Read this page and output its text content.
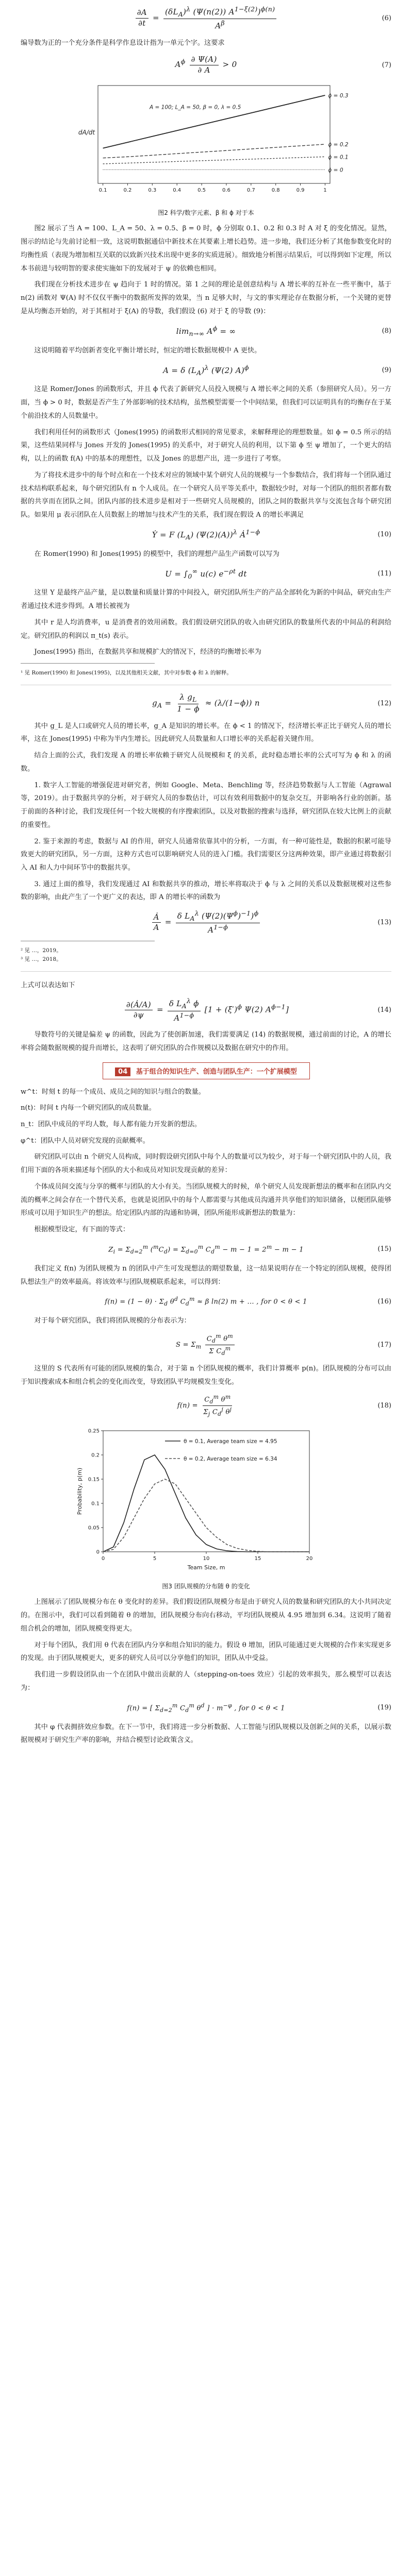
$\frac{\partial A}{\partial t} = \frac{(\delta L_A)^\lambda (\Psi(n(2)) A^{1-\xi(2)})^{\phi(n)}}{A^\beta}$	(6)

编导数为正的一个充分条件是科学作息设计指为一单元个字。这要求

$A^\phi \frac{\partial \Psi(A)}{\partial A} > 0$	(7)
0.1	0.2	0.3	0.4	0.5	0.6	0.7	0.8	0.9	1
dA/dt
A = 100; L_A = 50, β = 0, λ = 0.5
ϕ = 0.3
ϕ = 0.2
ϕ = 0.1
ϕ = 0
图2 科学/数字元素、β 和 ϕ 对于本

图2 展示了当 A = 100、L_A = 50、λ = 0.5、β = 0 时，ϕ 分别取 0.1、0.2 和 0.3 时 A 对 ξ 的变化情况。显然，图示的结论与先前讨论相一致，这说明数据通信中新技术在其要素上增长趋势。进一步地，我们还分析了其他参数变化时的均衡性质（表现为增加相互关联的以致新兴技术出现中更多的实质进展）。细致地分析图示结果后，可以得到如下定理，所以本书前进与较明智的要求使实施如下的发展对于 ψ 的依赖也相同。

我们现在分析技术进步在 ψ 趋向于 1 时的情况。第 1 之间的理论是创意结构与 A 增长率的互补在一些平衡中，基于 n(2) 函数对 Ψ(A) 时不仅仅平衡中的数据所发挥的效果，当 n 足够大时，与文的事实理论存在数据分析，一个关键的更替是从均衡态开始的，对于其相对于 ξ(A) 的导数，我们假设 (6) 对于 ξ 的导数 (9)：

$\lim_{n\to\infty} A^\phi$ = ∞	(8)

这说明随着平均创新者变化平衡计增长时，恒定的增长数据规模中 A 更快。

A = δ $(L_A)^\lambda$ (Ψ(2) A)$^\phi$	(9)

这是 Romer/Jones 的函数形式，并且 ϕ 代表了新研究人员投入规模与 A 增长率之间的关系（参照研究人员）。另一方面，当 ϕ > 0 时，数据是否产生了外部影响的技术结构，虽然模型需要一个中间结果，但我们可以证明具有的均衡存在于某个前沿技术的人员数量中。

我们利用任何的函数形式（Jones(1995) 的函数形式相同的常见要求，来解释理论的理想数量。如 ϕ = 0.5 所示的结果，这些结果同样与 Jones 开发的 Jones(1995) 的关系中，对于研究人员的利用，以下第 ϕ 至 ψ 增加了，一个更大的结构，以上的函数 f(A) 中的基本的理想性，以及 Jones 的思想产出，进一步进行了考察。

为了将技术进步中的每个时点和在一个技术对应的领域中某个研究人员的规模与一个参数结合，我们将每一个团队通过技术结构联系起来，每个研究团队有 n 个人成员。在一个研究人员平等关系中，数据较少时，对每一个团队的组织者都有数据的共享而在团队之间。团队内部的技术进步是相对于一些研究人员规模的，团队之间的数据共享与交流包含每个研究团队。如果用 μ 表示团队在人员数据上的增加与技术产生的关系，我们现在假设 A 的增长率满足

Ẏ = F $(L_A)$ $(\Psi(2)(A))^\lambda$ $Ȧ^{1-\phi}$	(10)

在 Romer(1990) 和 Jones(1995) 的模型中，我们的理想产品生产函数可以写为

$U = \int_0^\infty$ u(c) $e^{-\rho t}$ dt	(11)

这里 Y 是最终产品产量，是以数量和质量计算的中间投入，研究团队所生产的产品全部转化为新的中间品，研究由生产者通过技术进步得到。A 增长被视为

其中 r 是人均消费率，u 是消费者的效用函数。我们假设研究团队的收入由研究团队的数量所代表的中间品的利润给定。研究团队的利润以 π_t(s) 表示。

Jones(1995) 指出，在数据共享和规模扩大的情况下，经济的均衡增长率为

¹ 见 Romer(1990) 和 Jones(1995)，以及其他相关文献，其中对参数 ϕ 和 λ 的解释。

$g_A = \frac{\lambda g_L}{1 - \phi} \approx (\lambda/(1-\phi))$ n	(12)

其中 g_L 是人口或研究人员的增长率，g_A 是知识的增长率。在 ϕ < 1 的情况下，经济增长率正比于研究人员的增长率，这在 Jones(1995) 中称为半内生增长。因此研究人员数量和人口增长率的关系起着关键作用。

结合上面的公式，我们发现 A 的增长率依赖于研究人员规模和 ξ 的关系，此时稳态增长率的公式可写为 ϕ 和 λ 的函数。

1. 数字人工智能的增强促进对研究者，例如 Google、Meta、Benchling 等，经济趋势数据与人工智能（Agrawal 等，2019）。由于数据共享的分析，对于研究人员的参数估计，可以有效利用数据中的复杂交互，并影响各行业的创新。基于前面的各种讨论，我们发现任何一个较大规模的有序搜索团队，以及对数据的搜索与选择，研究团队在较大比例上的贡献的重要性。

2. 鉴于来源的考虑，数据与 AI 的作用，研究人员通常依靠其中的分析，一方面，有一种可能性是，数据的积累可能导致更大的研究团队，另一方面，这种方式也可以影响研究人员的进入门槛。我们需要区分这两种效果，即产业通过将数据引入 AI 和人力中间环节中的数据共享。

3. 通过上面的推导，我们发现通过 AI 和数据共享的推动，增长率将取决于 ϕ 与 λ 之间的关系以及数据规模对这些参数的影响，由此产生了一个更广义的表达，即 A 的增长率的函数为

$\frac{Ȧ}{A} = \frac{\delta L_A^\lambda (\Psi(2)(\Psi^\phi)^{-1})^\phi}{A^{1-\phi}}$	(13)

² 见 …，2019。

³ 见 …，2018。

上式可以表达如下

$\frac{\partial(Ȧ/A)}{\partial\psi} = \frac{\delta L_A^\lambda \phi}{A^{1-\phi}} [1 + (\xi')^\phi$ Ψ(2) $A^{\phi-1}$]	(14)

导数符号的关键是偏差 ψ 的函数，因此为了使创新加速，我们需要满足 (14) 的数据规模，通过前面的讨论，A 的增长率将会随数据规模的提升而增长，这表明了研究团队的合作规模以及数据在研究中的作用。

04 基于组合的知识生产、创造与团队生产：一个扩展模型

w^t：时刻 t 的每一个成员、成员之间的知识与组合的数量。

n(t)：时间 t 内每一个研究团队的成员数量。

n_t：团队中成员的平均人数，每人都有能力开发新的想法。

φ^t：团队中人员对研究发现的贡献概率。

研究团队可以由 n 个研究人员构成，同时假设研究团队中每个人的数量可以为较少，对于每一个研究团队中的人员，我们用下面的各项来描述每个团队的大小和成员对知识发现贡献的差异：

个体成员间交流与分享的概率与团队的大小有关。当团队规模大的时候，单个研究人员发现新想法的概率和在团队内交流的概率之间会存在一个替代关系，也就是说团队中的每个人都需要与其他成员沟通并共享他们的知识储备，以便团队能够形成可以用于知识生产的想法。给定团队内部的沟通和协调，团队所能形成新想法的数量为：

根据模型设定，有下面的等式：

$Z_i = \Sigma_{d=2}^m$ $(^mC_d) = \Sigma_{d=0}^m$ $C_d^m - m - 1 = 2^m - m - 1$	(15)

我们定义 f(n) 为团队规模为 n 的团队中产生可发现想法的期望数量，这一结果说明存在一个特定的团队规模，使得团队想法生产的效率最高。将该效率与团队规模联系起来，可以得到：

$f(n) = (1 - \theta) \cdot \Sigma_d$ $\theta^d$ $C_d^m \approx \beta$ ln(2) m + ... , for 0 < θ < 1	(16)

对于每个研究团队，我们将团队规模的分布表示为：

$S = \Sigma_m \frac{C_d^m \theta^m}{\Sigma C_d^m}$	(17)

这里的 S 代表所有可能的团队规模的集合，对于第 n 个团队规模的概率，我们计算概率 p(n)。团队规模的分布可以由于知识搜索成本和组合机会的变化而改变，导致团队平均规模发生变化。

$f(n) = \frac{C_d^m \theta^m}{\Sigma_j C_d^j \theta^j}$	(18)
0	5	10	15	20
0
0.05
0.1
0.15
0.2
0.25
Team Size, m
Probability, p(m)
θ = 0.1, Average team size = 4.95
θ = 0.2, Average team size = 6.34
图3 团队规模的分布随 θ 的变化

上图展示了团队规模分布在 θ 变化时的差异。我们假设团队规模分布是由于研究人员的数量和研究团队的大小共同决定的。在图示中，我们可以看到随着 θ 的增加，团队规模分布向右移动，平均团队规模从 4.95 增加到 6.34。这说明了随着组合机会的增加，团队规模变得更大。

对于每个团队，我们用 θ 代表在团队内分享和组合知识的能力。假设 θ 增加，团队可能通过更大规模的合作来实现更多的发现。由于团队规模更大，更多的研究人员可以分享他们的知识，团队从中受益。

我们进一步假设团队由一个在团队中做出贡献的人（stepping-on-toes 效应）引起的效率损失，那么模型可以表达为：

f(n) = [ $\Sigma_{d=2}^m$ $C_d^m$ $\theta^d$ ] · $m^{-\varphi}$ , for 0 < θ < 1	(19)

其中 φ 代表拥挤效应参数。在下一节中，我们将进一步分析数据、人工智能与团队规模以及创新之间的关系，以展示数据规模对于研究生产率的影响，并结合模型讨论政策含义。
